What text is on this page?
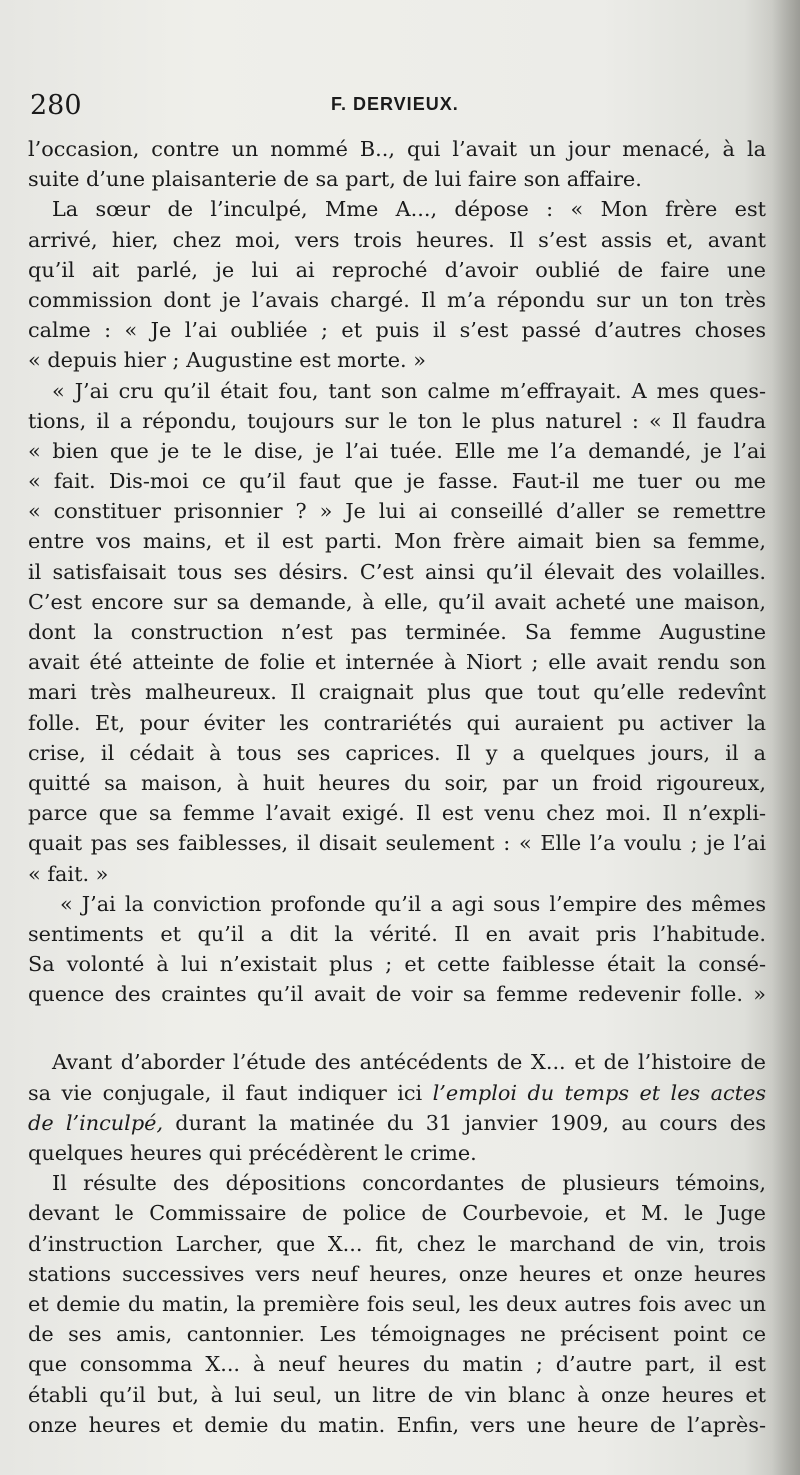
280	F. DERVIEUX.
l’occasion, contre un nommé B.., qui l’avait un jour menacé, à la
suite d’une plaisanterie de sa part, de lui faire son affaire.
La sœur de l’inculpé, Mme A..., dépose : « Mon frère est
arrivé, hier, chez moi, vers trois heures. Il s’est assis et, avant
qu’il ait parlé, je lui ai reproché d’avoir oublié de faire une
commission dont je l’avais chargé. Il m’a répondu sur un ton très
calme : « Je l’ai oubliée ; et puis il s’est passé d’autres choses
« depuis hier ; Augustine est morte. »
« J’ai cru qu’il était fou, tant son calme m’effrayait. A mes ques-
tions, il a répondu, toujours sur le ton le plus naturel : « Il faudra
« bien que je te le dise, je l’ai tuée. Elle me l’a demandé, je l’ai
« fait. Dis-moi ce qu’il faut que je fasse. Faut-il me tuer ou me
« constituer prisonnier ? » Je lui ai conseillé d’aller se remettre
entre vos mains, et il est parti. Mon frère aimait bien sa femme,
il satisfaisait tous ses désirs. C’est ainsi qu’il élevait des volailles.
C’est encore sur sa demande, à elle, qu’il avait acheté une maison,
dont la construction n’est pas terminée. Sa femme Augustine
avait été atteinte de folie et internée à Niort ; elle avait rendu son
mari très malheureux. Il craignait plus que tout qu’elle redevînt
folle. Et, pour éviter les contrariétés qui auraient pu activer la
crise, il cédait à tous ses caprices. Il y a quelques jours, il a
quitté sa maison, à huit heures du soir, par un froid rigoureux,
parce que sa femme l’avait exigé. Il est venu chez moi. Il n’expli-
quait pas ses faiblesses, il disait seulement : « Elle l’a voulu ; je l’ai
« fait. »
« J’ai la conviction profonde qu’il a agi sous l’empire des mêmes
sentiments et qu’il a dit la vérité. Il en avait pris l’habitude.
Sa volonté à lui n’existait plus ; et cette faiblesse était la consé-
quence des craintes qu’il avait de voir sa femme redevenir folle. »
Avant d’aborder l’étude des antécédents de X... et de l’histoire de
sa vie conjugale, il faut indiquer ici l’emploi du temps et les actes
de l’inculpé, durant la matinée du 31 janvier 1909, au cours des
quelques heures qui précédèrent le crime.
Il résulte des dépositions concordantes de plusieurs témoins,
devant le Commissaire de police de Courbevoie, et M. le Juge
d’instruction Larcher, que X... fit, chez le marchand de vin, trois
stations successives vers neuf heures, onze heures et onze heures
et demie du matin, la première fois seul, les deux autres fois avec un
de ses amis, cantonnier. Les témoignages ne précisent point ce
que consomma X... à neuf heures du matin ; d’autre part, il est
établi qu’il but, à lui seul, un litre de vin blanc à onze heures et
onze heures et demie du matin. Enfin, vers une heure de l’après-
